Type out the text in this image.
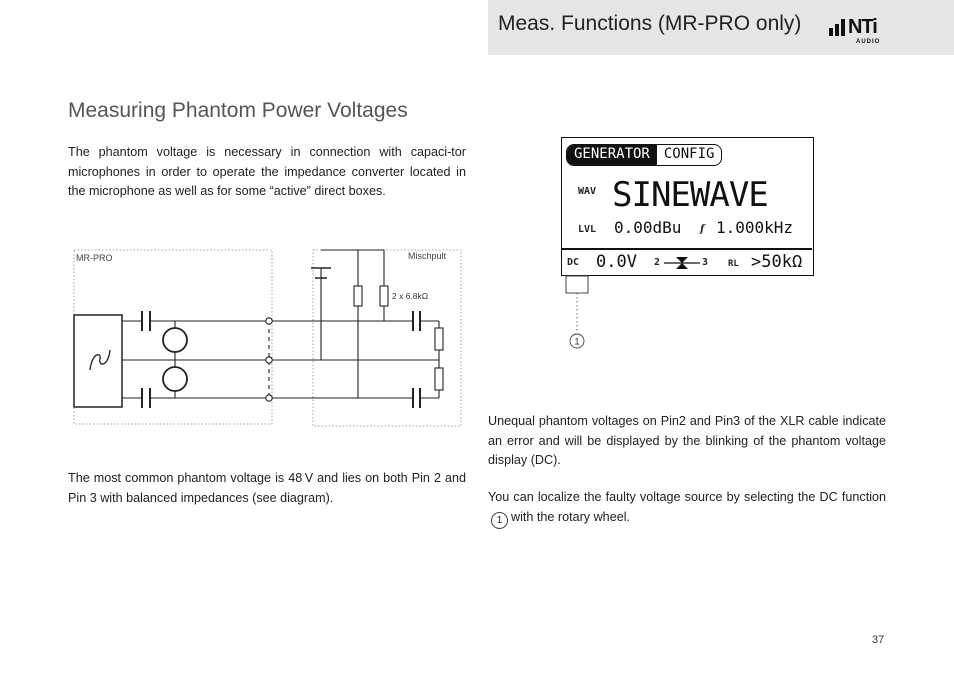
Meas. Functions (MR-PRO only) NTi
AUDIO
Measuring Phantom Power Voltages
The phantom voltage is necessary in connection with capaci-tor microphones in order to operate the impedance converter located in the microphone as well as for some “active” direct boxes.
MR-PRO	Mischpult
2 x 6.8kΩ
The most common phantom voltage is 48 V and lies on both Pin 2 and Pin 3 with balanced impedances (see diagram).
GENERATOR	CONFIG
WAV SINEWAVE
LVL 0.00dBu f 1.000kHz
DC 0.0V 2	3 RL >50kΩ
1
Unequal phantom voltages on Pin2 and Pin3 of the XLR cable indicate an error and will be displayed by the blinking of the phantom voltage display (DC).
You can localize the faulty voltage source by selecting the DC function1 with the rotary wheel.
37
